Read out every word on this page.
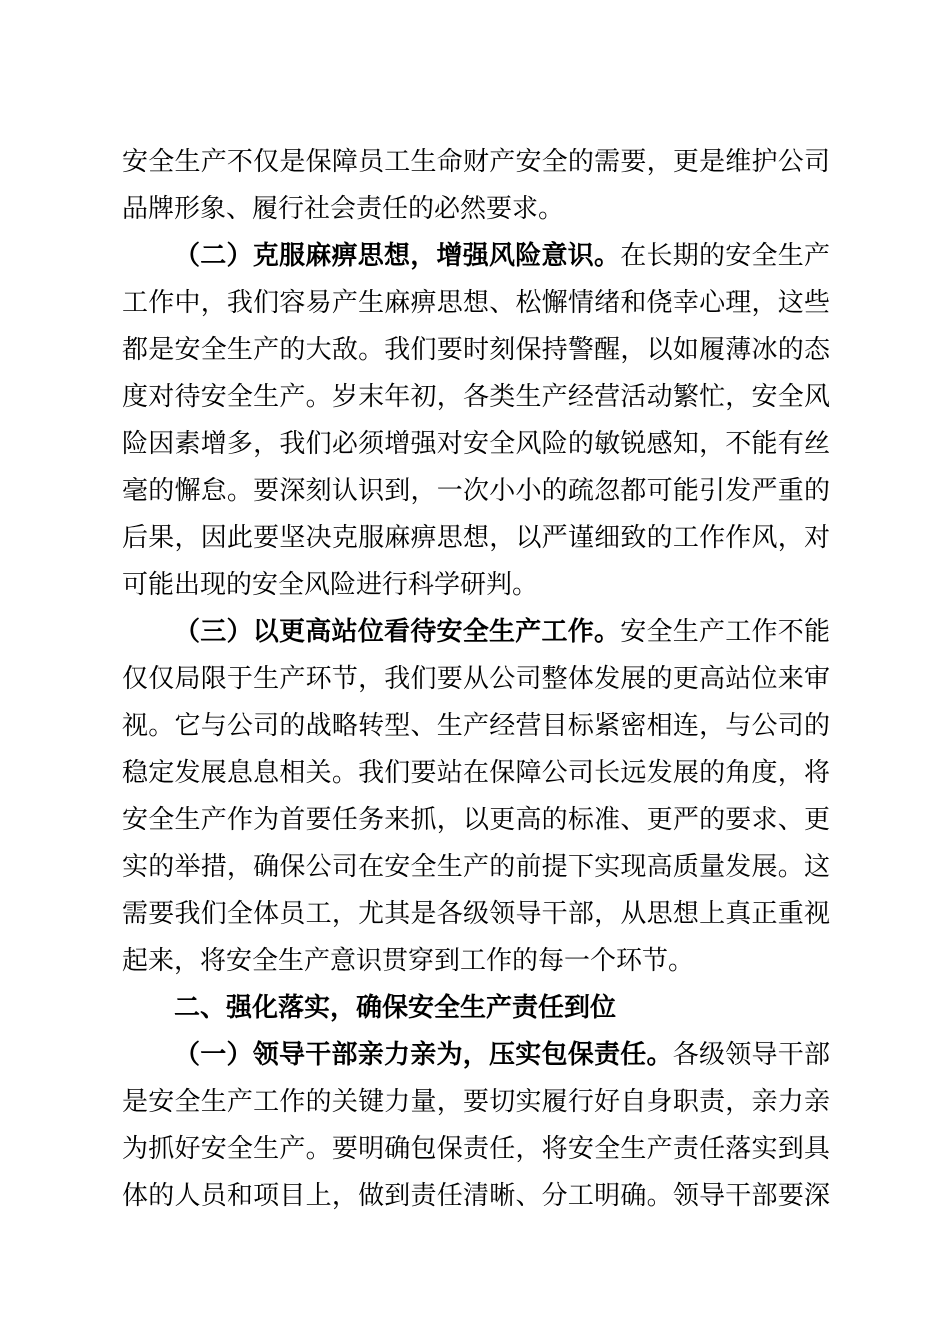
安全生产不仅是保障员工生命财产安全的需要，更是维护公司
品牌形象、履行社会责任的必然要求。
（二）克服麻痹思想，增强风险意识。在长期的安全生产
工作中，我们容易产生麻痹思想、松懈情绪和侥幸心理，这些
都是安全生产的大敌。我们要时刻保持警醒，以如履薄冰的态
度对待安全生产。岁末年初，各类生产经营活动繁忙，安全风
险因素增多，我们必须增强对安全风险的敏锐感知，不能有丝
毫的懈怠。要深刻认识到，一次小小的疏忽都可能引发严重的
后果，因此要坚决克服麻痹思想，以严谨细致的工作作风，对
可能出现的安全风险进行科学研判。
（三）以更高站位看待安全生产工作。安全生产工作不能
仅仅局限于生产环节，我们要从公司整体发展的更高站位来审
视。它与公司的战略转型、生产经营目标紧密相连，与公司的
稳定发展息息相关。我们要站在保障公司长远发展的角度，将
安全生产作为首要任务来抓，以更高的标准、更严的要求、更
实的举措，确保公司在安全生产的前提下实现高质量发展。这
需要我们全体员工，尤其是各级领导干部，从思想上真正重视
起来，将安全生产意识贯穿到工作的每一个环节。
二、强化落实，确保安全生产责任到位
（一）领导干部亲力亲为，压实包保责任。各级领导干部
是安全生产工作的关键力量，要切实履行好自身职责，亲力亲
为抓好安全生产。要明确包保责任，将安全生产责任落实到具
体的人员和项目上，做到责任清晰、分工明确。领导干部要深
